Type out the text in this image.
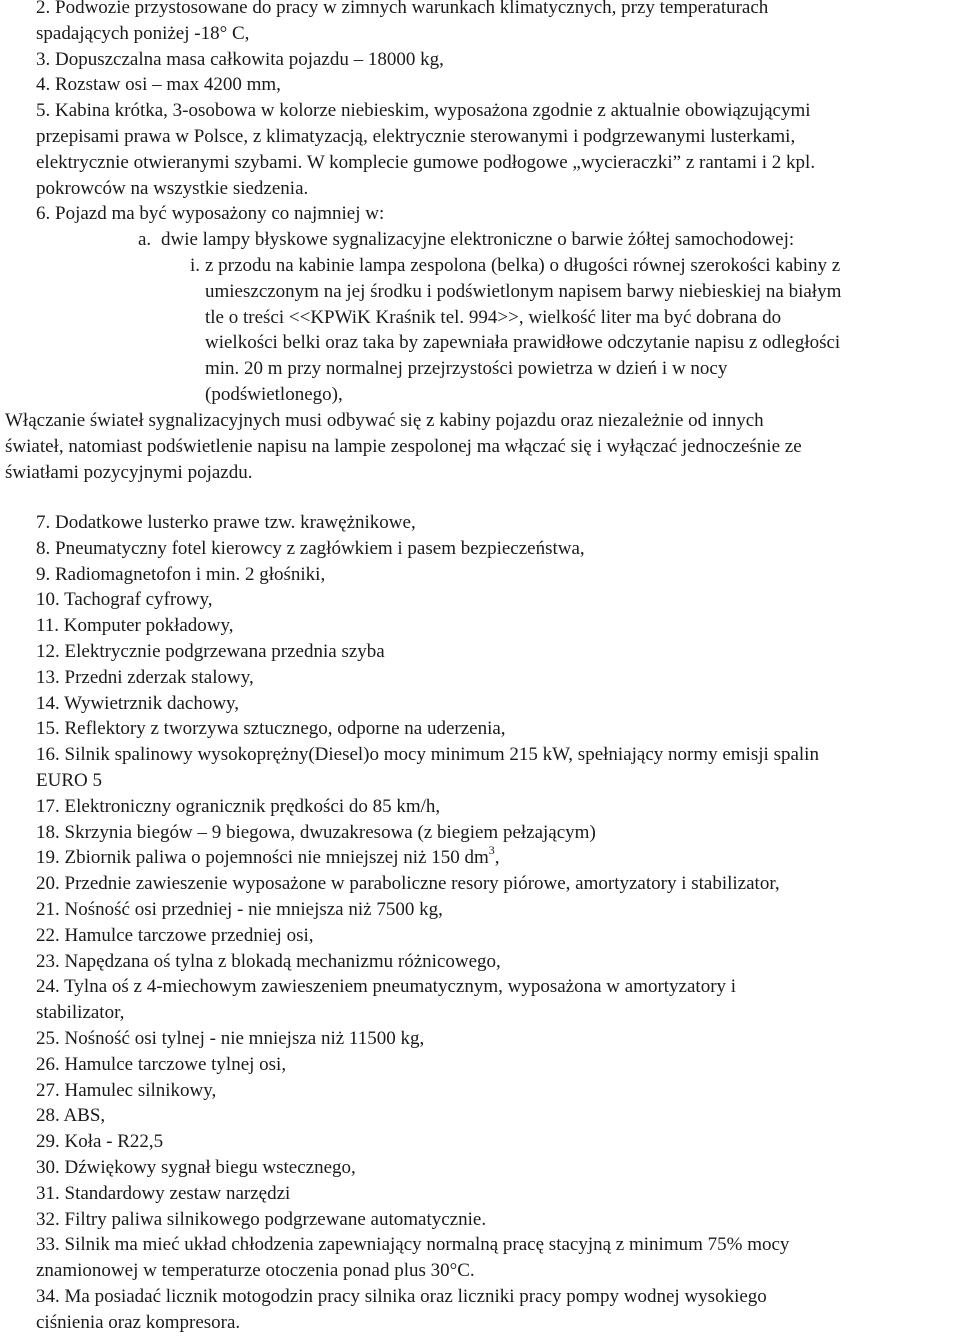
2. Podwozie przystosowane do pracy w zimnych warunkach klimatycznych, przy temperaturach
spadających poniżej -18° C,
3. Dopuszczalna masa całkowita pojazdu – 18000 kg,
4. Rozstaw osi – max 4200 mm,
5. Kabina krótka, 3-osobowa w kolorze niebieskim, wyposażona zgodnie z aktualnie obowiązującymi
przepisami prawa w Polsce, z klimatyzacją, elektrycznie sterowanymi i podgrzewanymi lusterkami,
elektrycznie otwieranymi szybami. W komplecie gumowe podłogowe „wycieraczki” z rantami i 2 kpl.
pokrowców na wszystkie siedzenia.
6. Pojazd ma być wyposażony co najmniej w:
a. dwie lampy błyskowe sygnalizacyjne elektroniczne o barwie żółtej samochodowej:
i. z przodu na kabinie lampa zespolona (belka) o długości równej szerokości kabiny z
umieszczonym na jej środku i podświetlonym napisem barwy niebieskiej na białym
tle o treści <<KPWiK Kraśnik tel. 994>>, wielkość liter ma być dobrana do
wielkości belki oraz taka by zapewniała prawidłowe odczytanie napisu z odległości
min. 20 m przy normalnej przejrzystości powietrza w dzień i w nocy
(podświetlonego),
Włączanie świateł sygnalizacyjnych musi odbywać się z kabiny pojazdu oraz niezależnie od innych
świateł, natomiast podświetlenie napisu na lampie zespolonej ma włączać się i wyłączać jednocześnie ze
światłami pozycyjnymi pojazdu.
7. Dodatkowe lusterko prawe tzw. krawężnikowe,
8. Pneumatyczny fotel kierowcy z zagłówkiem i pasem bezpieczeństwa,
9. Radiomagnetofon i min. 2 głośniki,
10. Tachograf cyfrowy,
11. Komputer pokładowy,
12. Elektrycznie podgrzewana przednia szyba
13. Przedni zderzak stalowy,
14. Wywietrznik dachowy,
15. Reflektory z tworzywa sztucznego, odporne na uderzenia,
16. Silnik spalinowy wysokoprężny(Diesel)o mocy minimum 215 kW, spełniający normy emisji spalin
EURO 5
17. Elektroniczny ogranicznik prędkości do 85 km/h,
18. Skrzynia biegów – 9 biegowa, dwuzakresowa (z biegiem pełzającym)
19. Zbiornik paliwa o pojemności nie mniejszej niż 150 $dm^3$,
20. Przednie zawieszenie wyposażone w paraboliczne resory piórowe, amortyzatory i stabilizator,
21. Nośność osi przedniej - nie mniejsza niż 7500 kg,
22. Hamulce tarczowe przedniej osi,
23. Napędzana oś tylna z blokadą mechanizmu różnicowego,
24. Tylna oś z 4-miechowym zawieszeniem pneumatycznym, wyposażona w amortyzatory i
stabilizator,
25. Nośność osi tylnej - nie mniejsza niż 11500 kg,
26. Hamulce tarczowe tylnej osi,
27. Hamulec silnikowy,
28. ABS,
29. Koła - R22,5
30. Dźwiękowy sygnał biegu wstecznego,
31. Standardowy zestaw narzędzi
32. Filtry paliwa silnikowego podgrzewane automatycznie.
33. Silnik ma mieć układ chłodzenia zapewniający normalną pracę stacyjną z minimum 75% mocy
znamionowej w temperaturze otoczenia ponad plus 30°C.
34. Ma posiadać licznik motogodzin pracy silnika oraz liczniki pracy pompy wodnej wysokiego
ciśnienia oraz kompresora.
